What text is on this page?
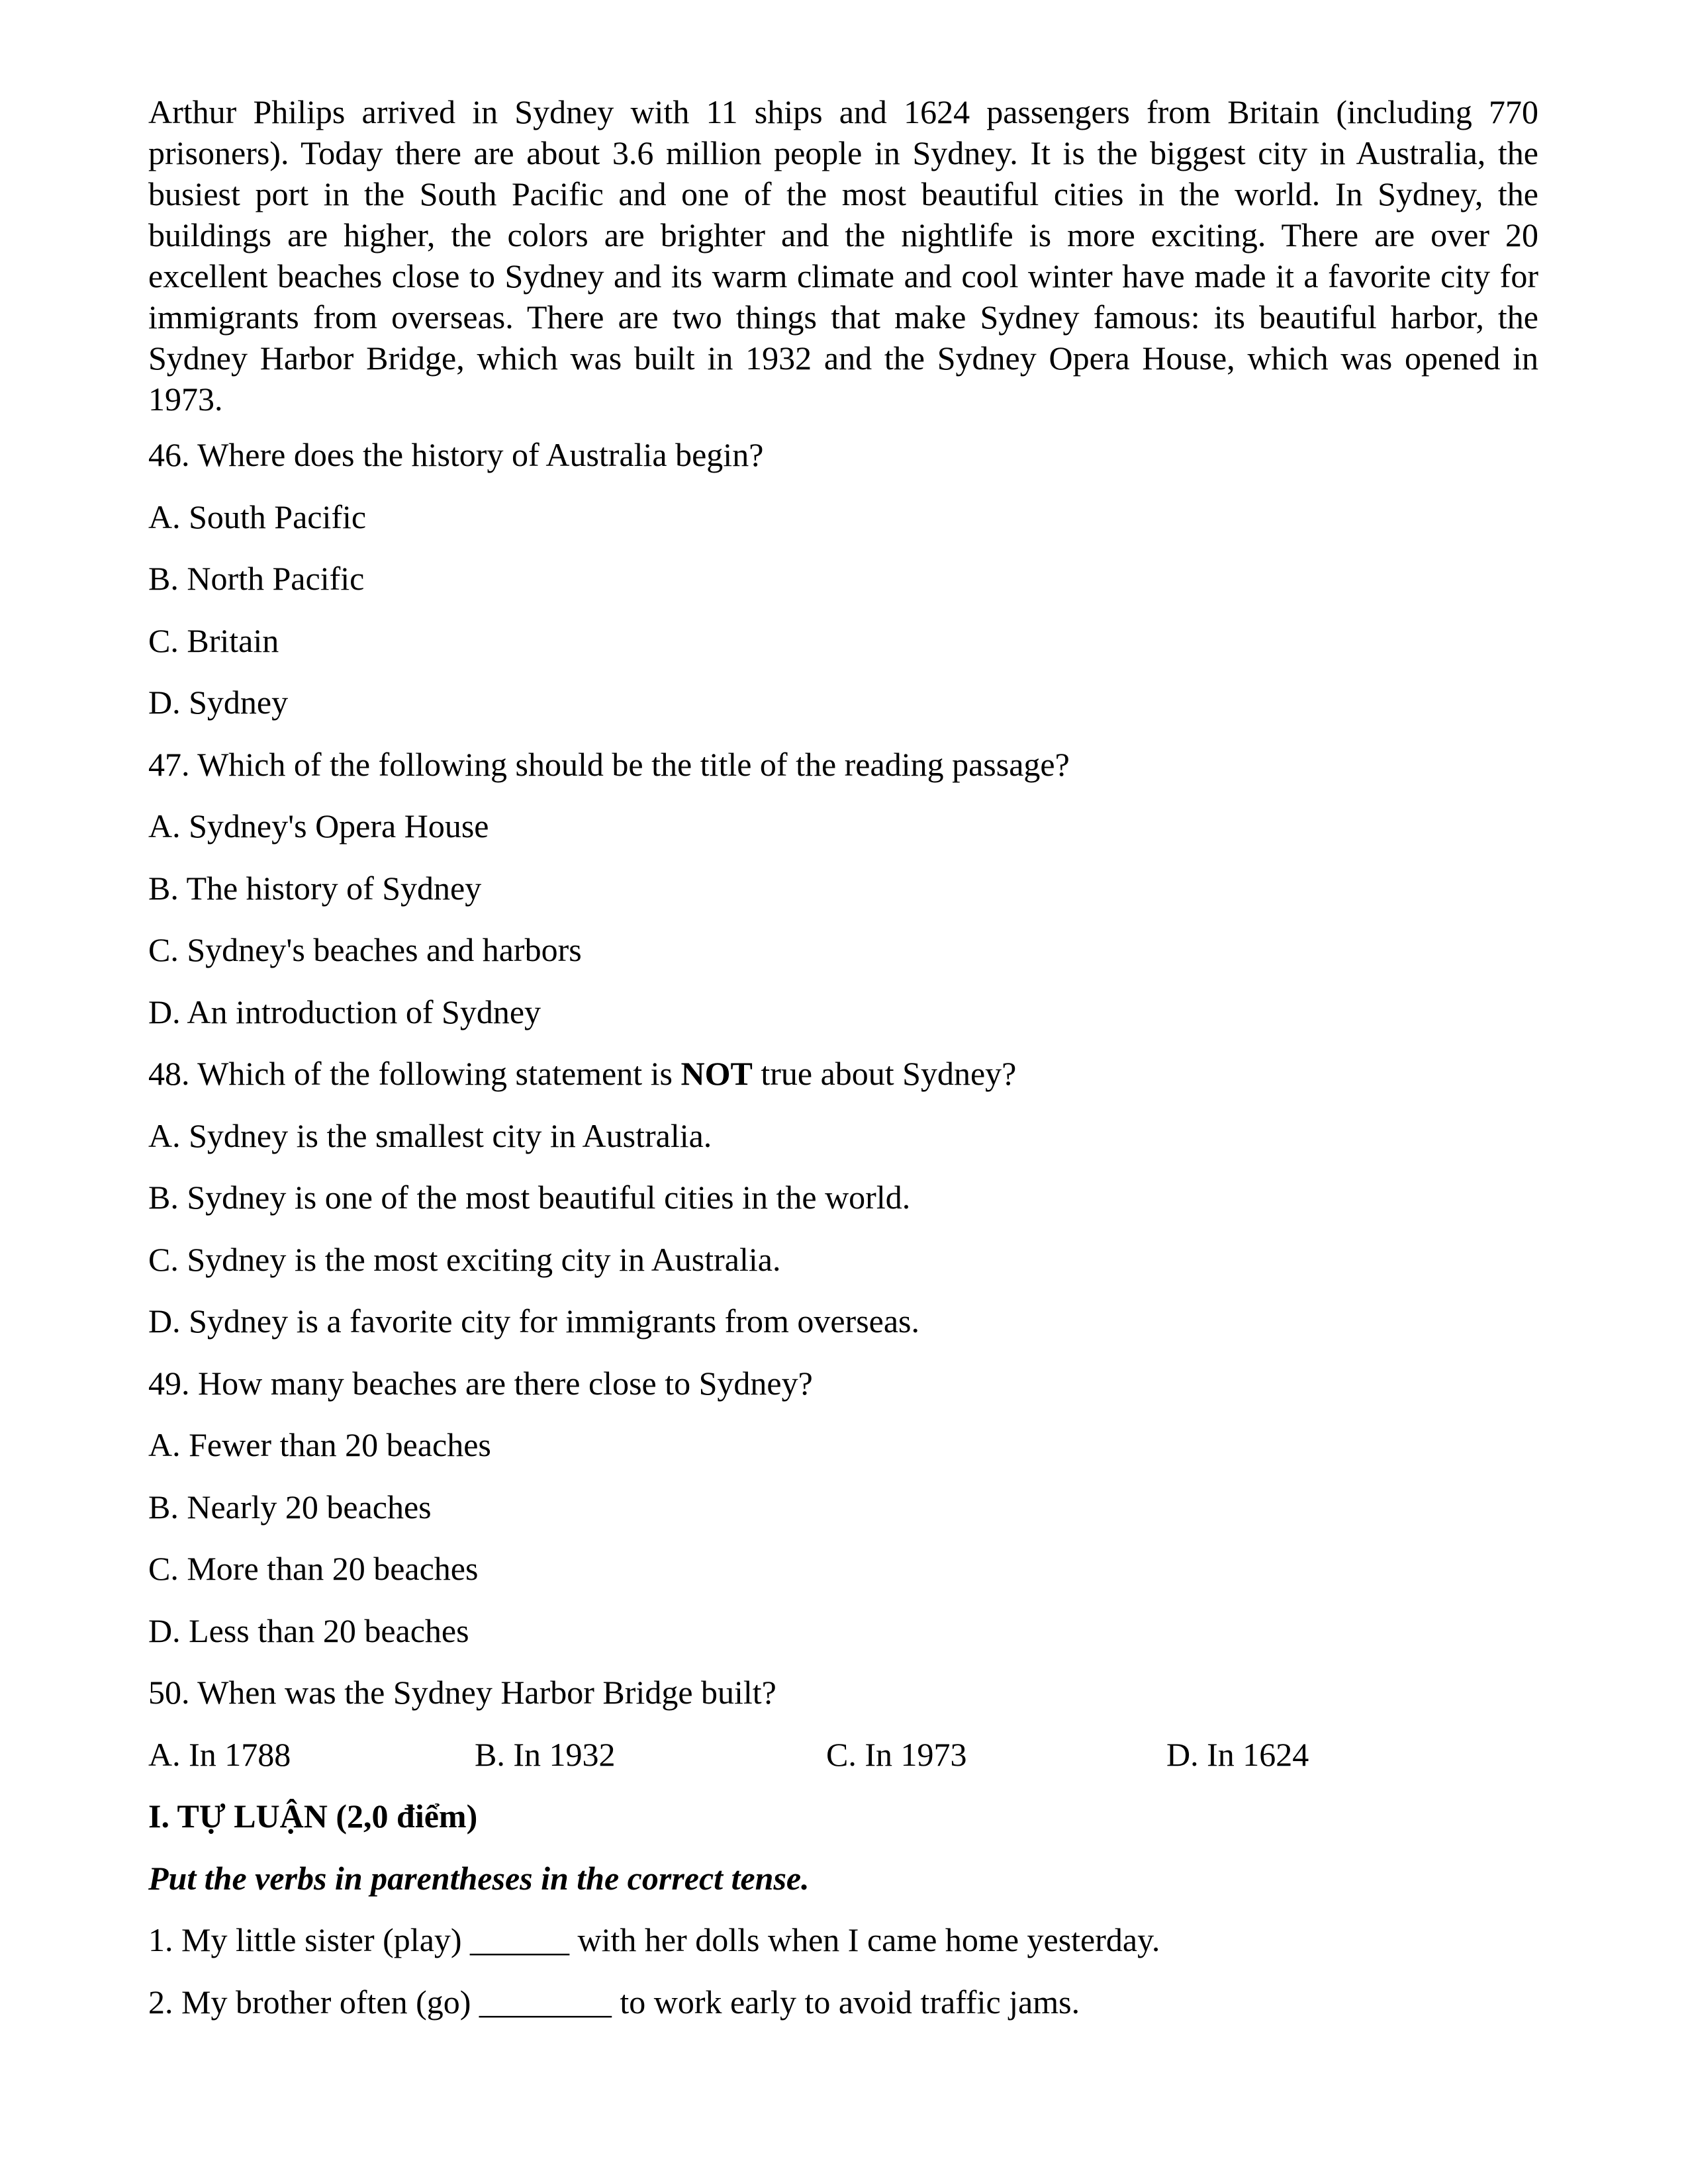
Arthur Philips arrived in Sydney with 11 ships and 1624 passengers from Britain (including 770 prisoners). Today there are about 3.6 million people in Sydney. It is the biggest city in Australia, the busiest port in the South Pacific and one of the most beautiful cities in the world. In Sydney, the buildings are higher, the colors are brighter and the nightlife is more exciting. There are over 20 excellent beaches close to Sydney and its warm climate and cool winter have made it a favorite city for immigrants from overseas. There are two things that make Sydney famous: its beautiful harbor, the Sydney Harbor Bridge, which was built in 1932 and the Sydney Opera House, which was opened in 1973.

46. Where does the history of Australia begin?
A. South Pacific
B. North Pacific
C. Britain
D. Sydney
47. Which of the following should be the title of the reading passage?
A. Sydney's Opera House
B. The history of Sydney
C. Sydney's beaches and harbors
D. An introduction of Sydney
48. Which of the following statement is NOT true about Sydney?
A. Sydney is the smallest city in Australia.
B. Sydney is one of the most beautiful cities in the world.
C. Sydney is the most exciting city in Australia.
D. Sydney is a favorite city for immigrants from overseas.
49. How many beaches are there close to Sydney?
A. Fewer than 20 beaches
B. Nearly 20 beaches
C. More than 20 beaches
D. Less than 20 beaches
50. When was the Sydney Harbor Bridge built?
A. In 1788	B. In 1932	C. In 1973	D. In 1624
I. TỰ LUẬN (2,0 điểm)
Put the verbs in parentheses in the correct tense.
1. My little sister (play) ______ with her dolls when I came home yesterday.
2. My brother often (go) ________ to work early to avoid traffic jams.
